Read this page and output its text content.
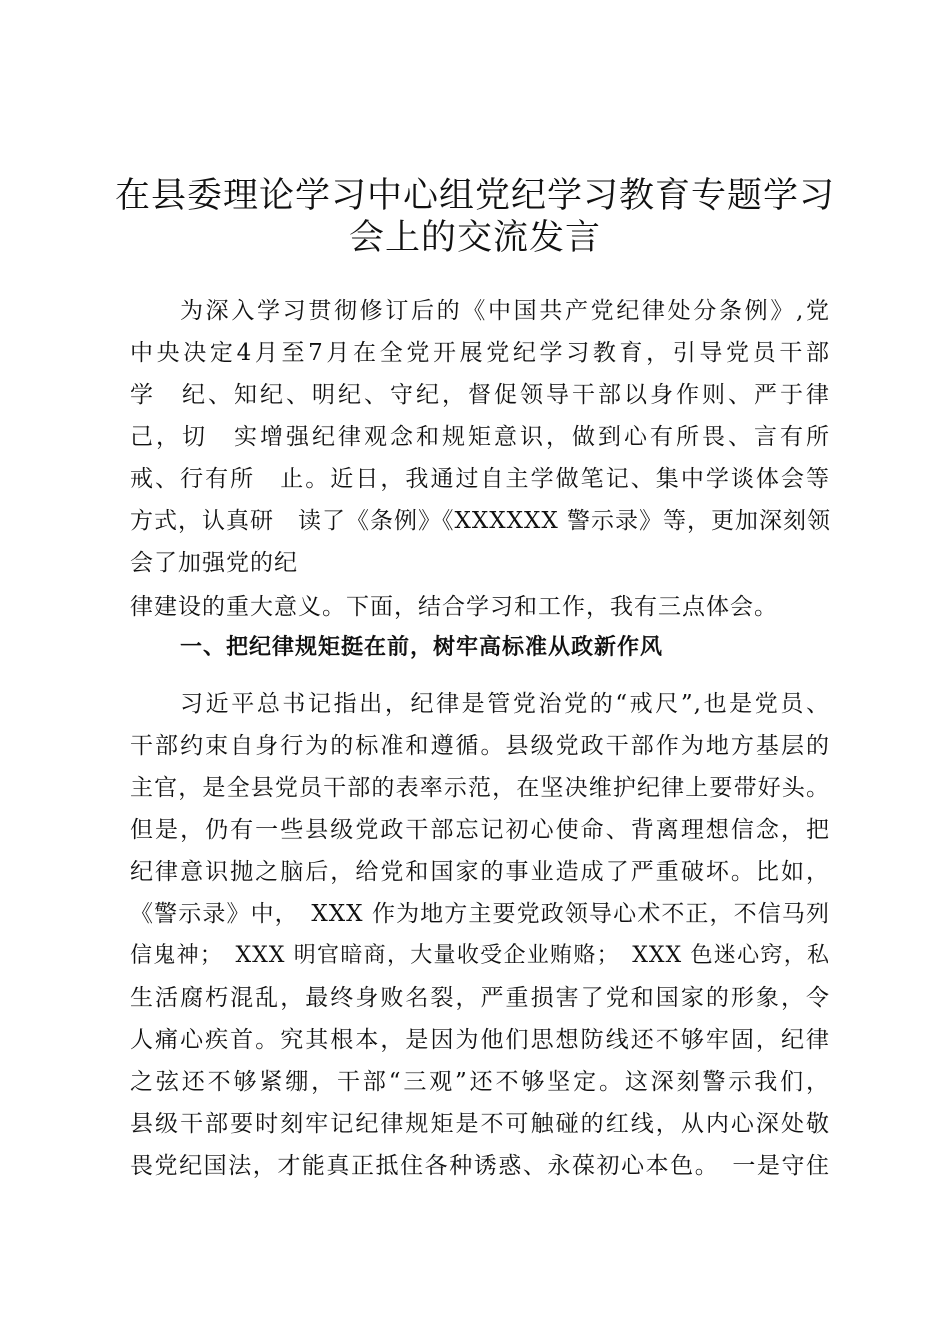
在县委理论学习中心组党纪学习教育专题学习
会上的交流发言

为深入学习贯彻修订后的《中国共产党纪律处分条例》,党

中央决定4月至7月在全党开展党纪学习教育，引导党员干部

学　纪、知纪、明纪、守纪，督促领导干部以身作则、严于律

己，切　实增强纪律观念和规矩意识，做到心有所畏、言有所

戒、行有所　止。近日，我通过自主学做笔记、集中学谈体会等

方式，认真研　读了《条例》《XXXXXX 警示录》等，更加深刻领

会了加强党的纪

律建设的重大意义。下面，结合学习和工作，我有三点体会。

一、把纪律规矩挺在前，树牢高标准从政新作风

习近平总书记指出，纪律是管党治党的“戒尺”,也是党员、

干部约束自身行为的标准和遵循。县级党政干部作为地方基层的

主官，是全县党员干部的表率示范，在坚决维护纪律上要带好头。

但是，仍有一些县级党政干部忘记初心使命、背离理想信念，把

纪律意识抛之脑后，给党和国家的事业造成了严重破坏。比如，

《警示录》中，　XXX 作为地方主要党政领导心术不正，不信马列

信鬼神；　XXX 明官暗商，大量收受企业贿赂；　XXX 色迷心窍，私

生活腐朽混乱，最终身败名裂，严重损害了党和国家的形象，令

人痛心疾首。究其根本，是因为他们思想防线还不够牢固，纪律

之弦还不够紧绷，干部“三观”还不够坚定。这深刻警示我们，

县级干部要时刻牢记纪律规矩是不可触碰的红线，从内心深处敬

畏党纪国法，才能真正抵住各种诱惑、永葆初心本色。　一是守住
